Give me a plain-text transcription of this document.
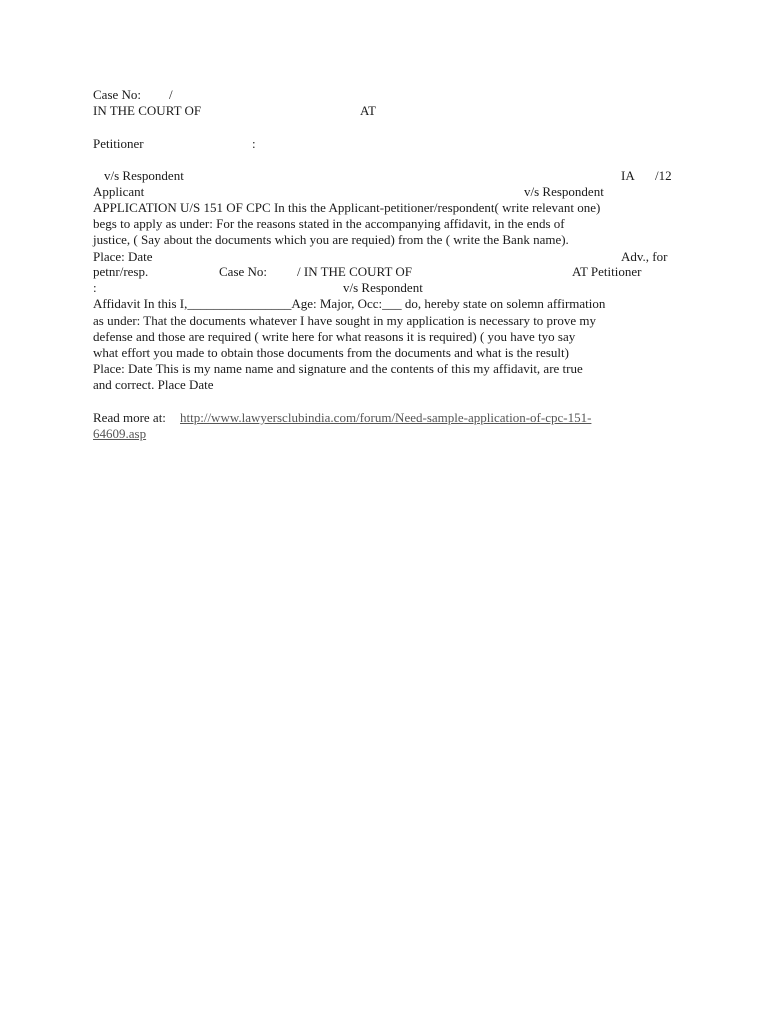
Case No: /
IN THE COURT OF	AT
Petitioner	:
v/s Respondent	IA /12
Applicant	v/s Respondent
APPLICATION U/S 151 OF CPC In this the Applicant-petitioner/respondent( write relevant one)
begs to apply as under: For the reasons stated in the accompanying affidavit, in the ends of
justice, ( Say about the documents which you are requied) from the ( write the Bank name).
Place: Date	Adv., for
petnr/resp.	Case No: / IN THE COURT OF	AT Petitioner
:	v/s Respondent
Affidavit In this I,________________Age: Major, Occ:___ do, hereby state on solemn affirmation
as under: That the documents whatever I have sought in my application is necessary to prove my
defense and those are required ( write here for what reasons it is required) ( you have tyo say
what effort you made to obtain those documents from the documents and what is the result)
Place: Date This is my name name and signature and the contents of this my affidavit, are true
and correct. Place Date
Read more at: http://www.lawyersclubindia.com/forum/Need-sample-application-of-cpc-151-
64609.asp
